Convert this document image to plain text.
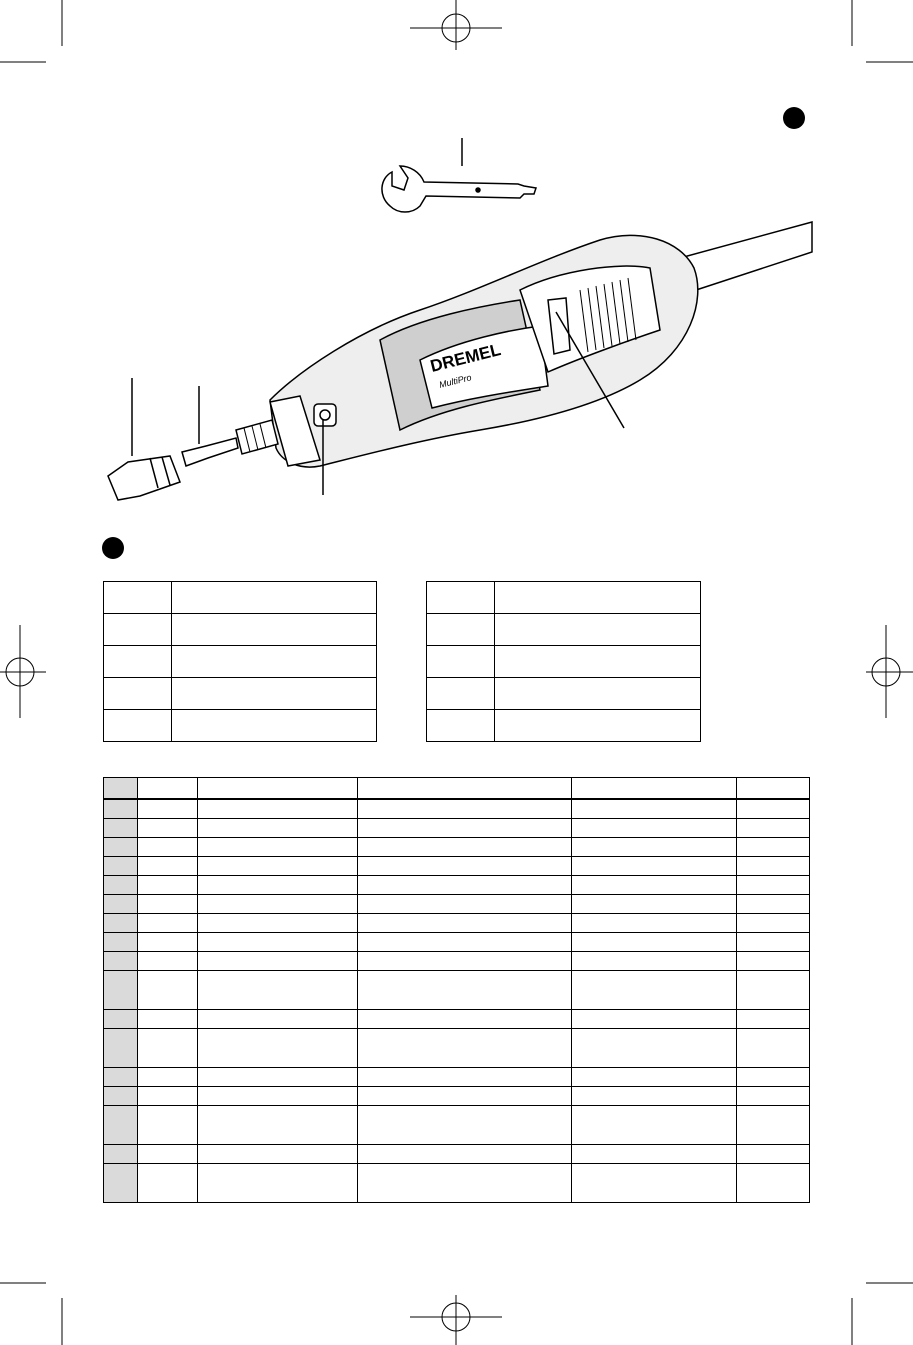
DREMEL
MultiPro
